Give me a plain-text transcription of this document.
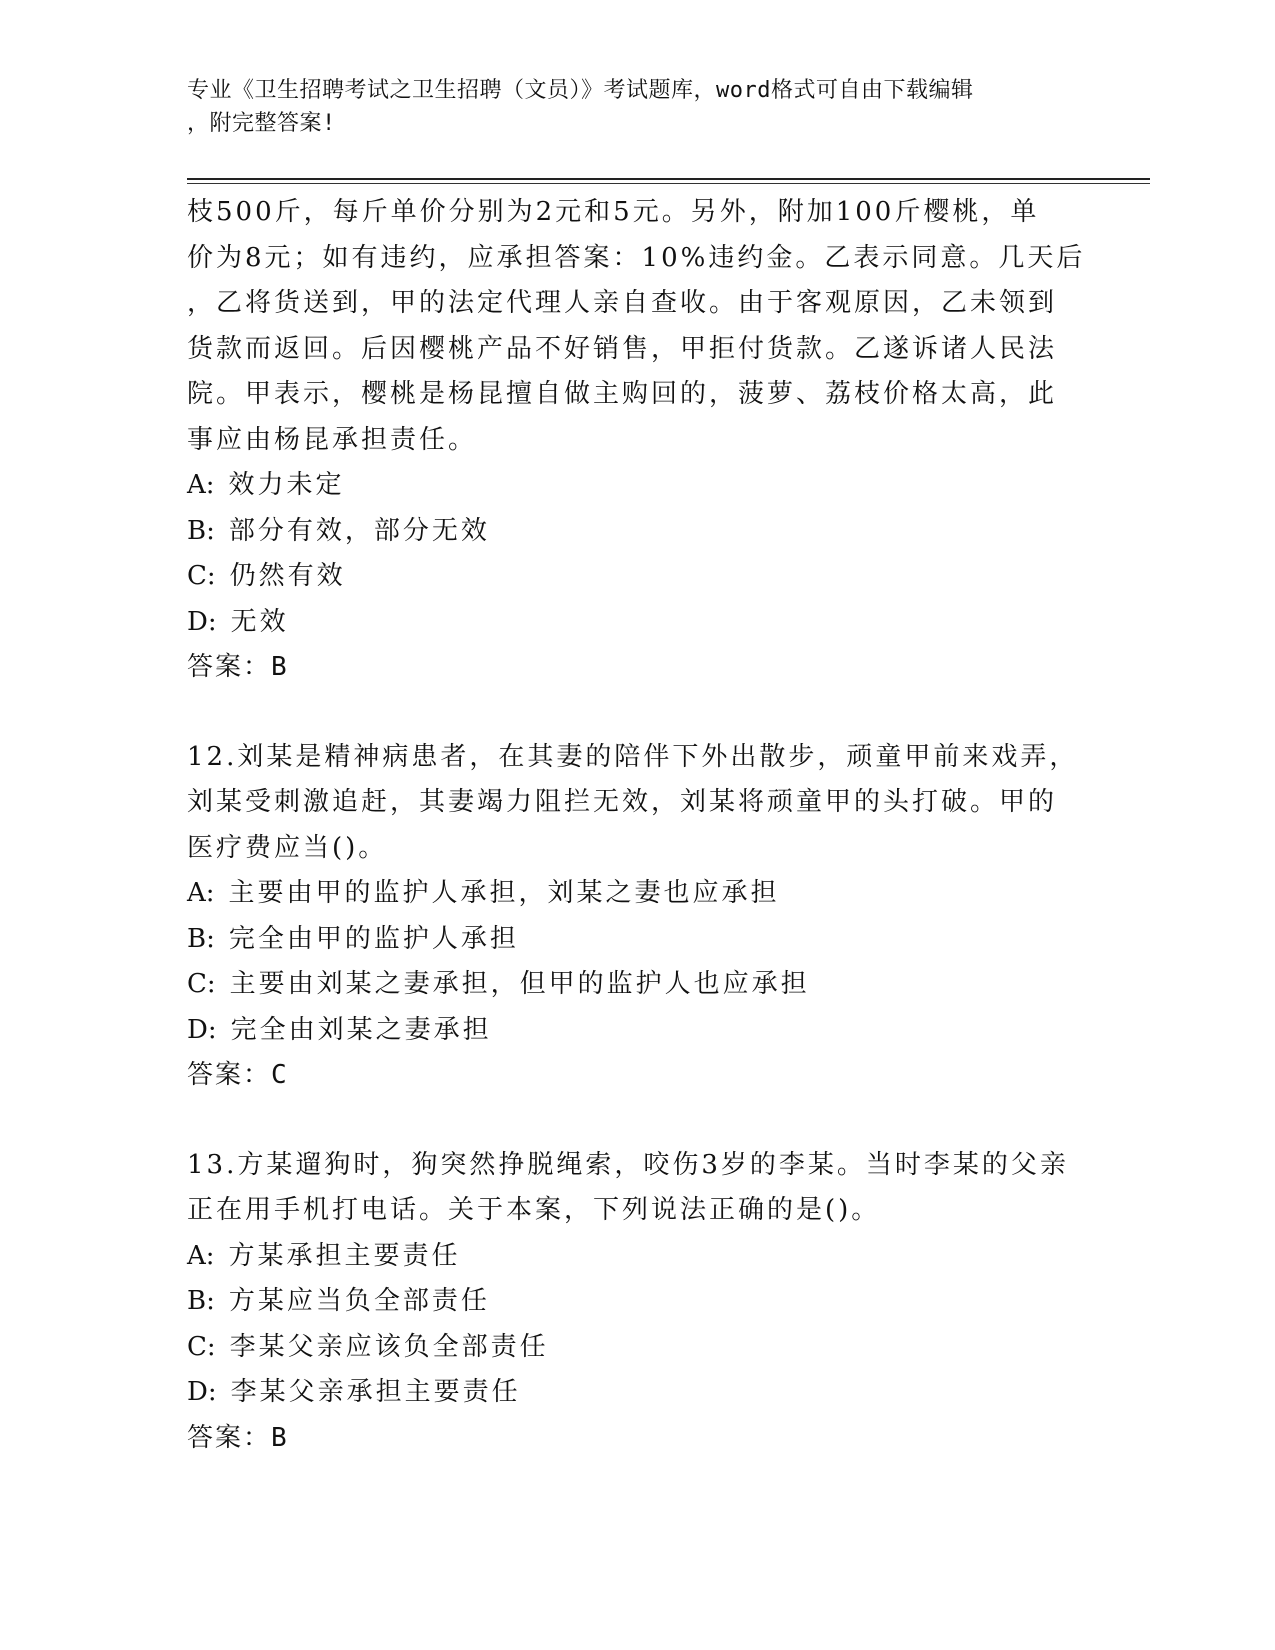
专业《卫生招聘考试之卫生招聘（文员）》考试题库，word格式可自由下载编辑
，附完整答案!
枝500斤，每斤单价分别为2元和5元。另外，附加100斤樱桃，单
价为8元；如有违约，应承担答案：10%违约金。乙表示同意。几天后
，乙将货送到，甲的法定代理人亲自查收。由于客观原因，乙未领到
货款而返回。后因樱桃产品不好销售，甲拒付货款。乙遂诉诸人民法
院。甲表示，樱桃是杨昆擅自做主购回的，菠萝、荔枝价格太高，此
事应由杨昆承担责任。
A: 效力未定
B: 部分有效，部分无效
C: 仍然有效
D: 无效
答案：B
12.刘某是精神病患者，在其妻的陪伴下外出散步，顽童甲前来戏弄，
刘某受刺激追赶，其妻竭力阻拦无效，刘某将顽童甲的头打破。甲的
医疗费应当()。
A: 主要由甲的监护人承担，刘某之妻也应承担
B: 完全由甲的监护人承担
C: 主要由刘某之妻承担，但甲的监护人也应承担
D: 完全由刘某之妻承担
答案：C
13.方某遛狗时，狗突然挣脱绳索，咬伤3岁的李某。当时李某的父亲
正在用手机打电话。关于本案，下列说法正确的是()。
A: 方某承担主要责任
B: 方某应当负全部责任
C: 李某父亲应该负全部责任
D: 李某父亲承担主要责任
答案：B
